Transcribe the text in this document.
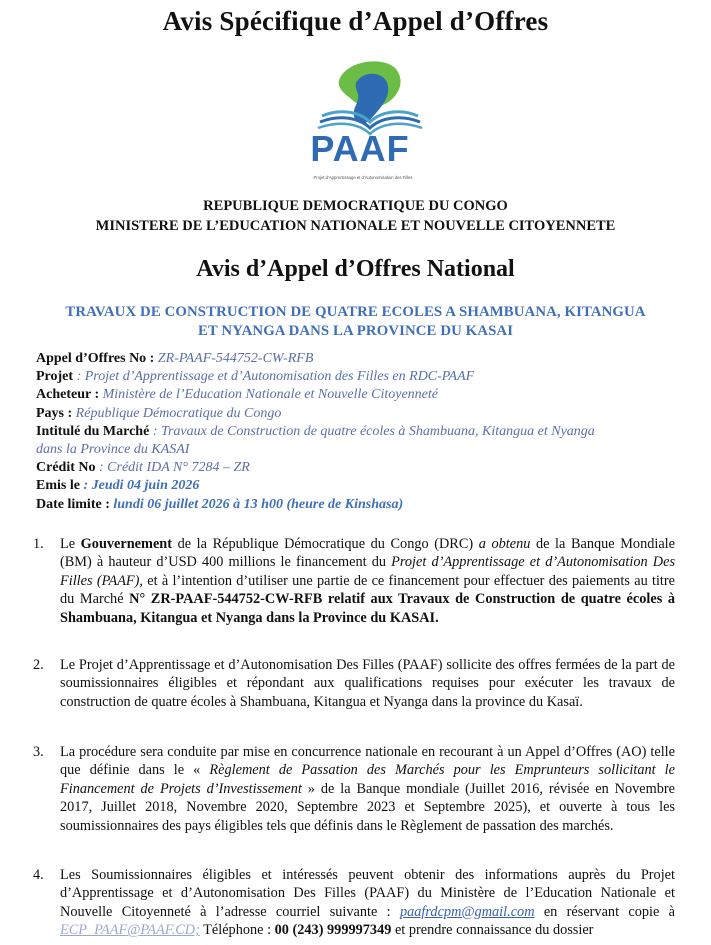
Avis Spécifique d’Appel d’Offres
PAAF
Projet d’Apprentissage et d’Autonomisation des Filles
REPUBLIQUE DEMOCRATIQUE DU CONGO
MINISTERE DE L’EDUCATION NATIONALE ET NOUVELLE CITOYENNETE
Avis d’Appel d’Offres National
TRAVAUX DE CONSTRUCTION DE QUATRE ECOLES A SHAMBUANA, KITANGUA
ET NYANGA DANS LA PROVINCE DU KASAI
Appel d’Offres No : ZR-PAAF-544752-CW-RFB
Projet : Projet d’Apprentissage et d’Autonomisation des Filles en RDC-PAAF
Acheteur : Ministère de l’Education Nationale et Nouvelle Citoyenneté
Pays : République Démocratique du Congo
Intitulé du Marché : Travaux de Construction de quatre écoles à Shambuana, Kitangua et Nyanga
dans la Province du KASAI
Crédit No : Crédit IDA N° 7284 – ZR
Emis le : Jeudi 04 juin 2026
Date limite : lundi 06 juillet 2026 à 13 h00 (heure de Kinshasa)
1. Le Gouvernement de la République Démocratique du Congo (DRC) a obtenu de la Banque Mondiale (BM) à hauteur d’USD 400 millions le financement du Projet d’Apprentissage et d’Autonomisation Des Filles (PAAF), et à l’intention d’utiliser une partie de ce financement pour effectuer des paiements au titre du Marché N° ZR-PAAF-544752-CW-RFB relatif aux Travaux de Construction de quatre écoles à Shambuana, Kitangua et Nyanga dans la Province du KASAI.
2. Le Projet d’Apprentissage et d’Autonomisation Des Filles (PAAF) sollicite des offres fermées de la part de soumissionnaires éligibles et répondant aux qualifications requises pour exécuter les travaux de construction de quatre écoles à Shambuana, Kitangua et Nyanga dans la province du Kasaï.
3. La procédure sera conduite par mise en concurrence nationale en recourant à un Appel d’Offres (AO) telle que définie dans le « Règlement de Passation des Marchés pour les Emprunteurs sollicitant le Financement de Projets d’Investissement » de la Banque mondiale (Juillet 2016, révisée en Novembre 2017, Juillet 2018, Novembre 2020, Septembre 2023 et Septembre 2025), et ouverte à tous les soumissionnaires des pays éligibles tels que définis dans le Règlement de passation des marchés.
4. Les Soumissionnaires éligibles et intéressés peuvent obtenir des informations auprès du Projet d’Apprentissage et d’Autonomisation Des Filles (PAAF) du Ministère de l’Education Nationale et Nouvelle Citoyenneté à l’adresse courriel suivante : paafrdcpm@gmail.com en réservant copie à ECP_PAAF@PAAF.CD; Téléphone : 00 (243) 999997349 et prendre connaissance du dossier
